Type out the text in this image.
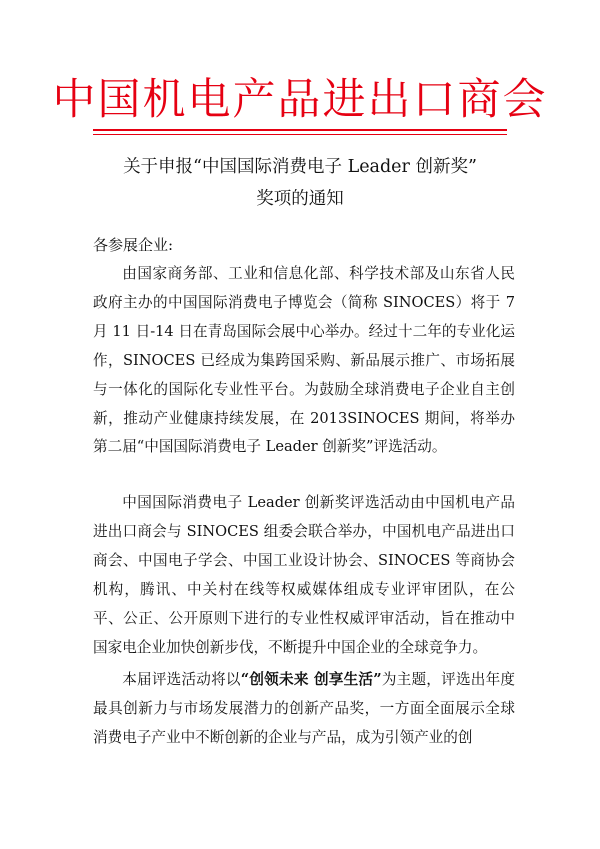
中国机电产品进出口商会
关于申报“中国国际消费电子 Leader 创新奖”
奖项的通知
各参展企业:
由国家商务部、工业和信息化部、科学技术部及山东省人民政府主办的中国国际消费电子博览会（简称 SINOCES）将于 7 月 11 日-14 日在青岛国际会展中心举办。经过十二年的专业化运作，SINOCES 已经成为集跨国采购、新品展示推广、市场拓展与一体化的国际化专业性平台。为鼓励全球消费电子企业自主创新，推动产业健康持续发展，在 2013SINOCES 期间，将举办第二届“中国国际消费电子 Leader 创新奖”评选活动。
中国国际消费电子 Leader 创新奖评选活动由中国机电产品进出口商会与 SINOCES 组委会联合举办，中国机电产品进出口商会、中国电子学会、中国工业设计协会、SINOCES 等商协会机构，腾讯、中关村在线等权威媒体组成专业评审团队，在公平、公正、公开原则下进行的专业性权威评审活动，旨在推动中国家电企业加快创新步伐，不断提升中国企业的全球竞争力。
本届评选活动将以“创领未来 创享生活”为主题，评选出年度最具创新力与市场发展潜力的创新产品奖，一方面全面展示全球消费电子产业中不断创新的企业与产品，成为引领产业的创
